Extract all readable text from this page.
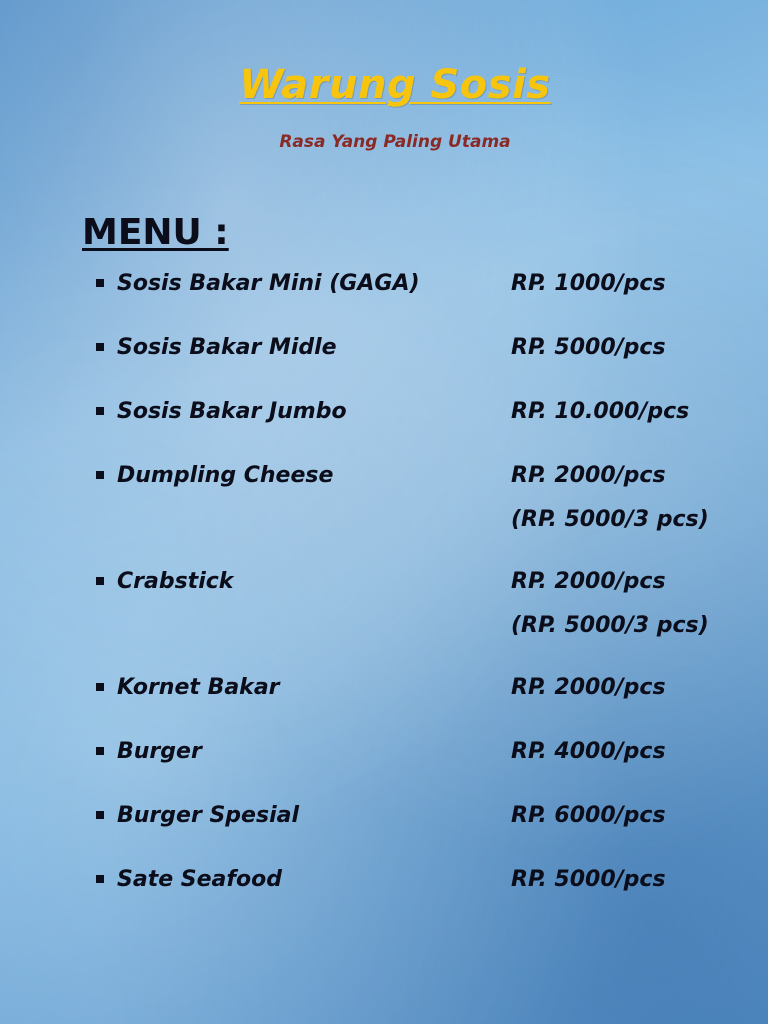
Warung Sosis
Rasa Yang Paling Utama
MENU :
Sosis Bakar Mini (GAGA)	RP. 1000/pcs
Sosis Bakar Midle	RP. 5000/pcs
Sosis Bakar Jumbo	RP. 10.000/pcs
Dumpling Cheese	RP. 2000/pcs
(RP. 5000/3 pcs)
Crabstick	RP. 2000/pcs
(RP. 5000/3 pcs)
Kornet Bakar	RP. 2000/pcs
Burger	RP. 4000/pcs
Burger Spesial	RP. 6000/pcs
Sate Seafood	RP. 5000/pcs
